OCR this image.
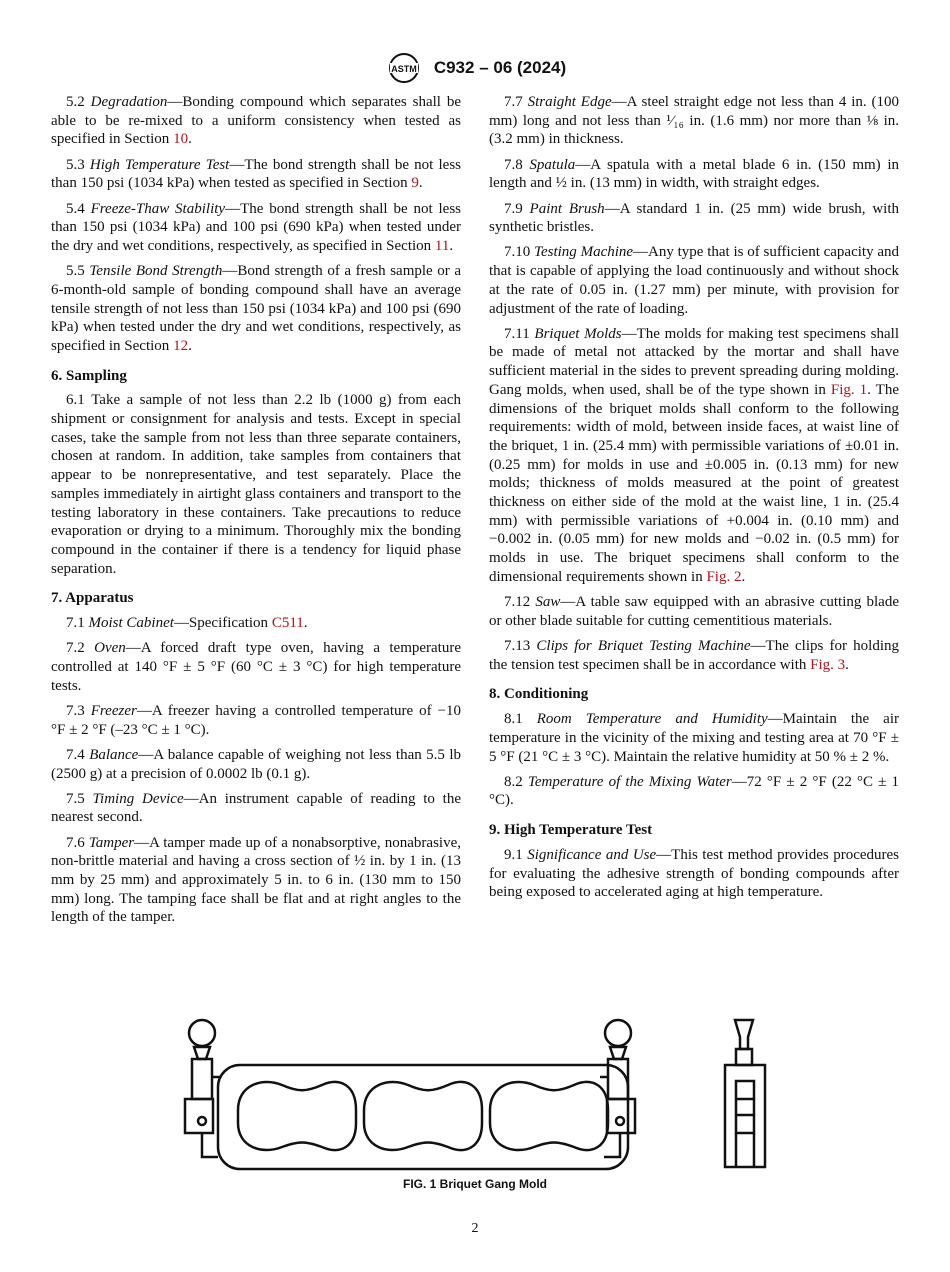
ASTM C932 – 06 (2024)

5.2 Degradation—Bonding compound which separates shall be able to be re-mixed to a uniform consistency when tested as specified in Section 10.

5.3 High Temperature Test—The bond strength shall be not less than 150 psi (1034 kPa) when tested as specified in Section 9.

5.4 Freeze-Thaw Stability—The bond strength shall be not less than 150 psi (1034 kPa) and 100 psi (690 kPa) when tested under the dry and wet conditions, respectively, as specified in Section 11.

5.5 Tensile Bond Strength—Bond strength of a fresh sample or a 6-month-old sample of bonding compound shall have an average tensile strength of not less than 150 psi (1034 kPa) and 100 psi (690 kPa) when tested under the dry and wet conditions, respectively, as specified in Section 12.

6. Sampling

6.1 Take a sample of not less than 2.2 lb (1000 g) from each shipment or consignment for analysis and tests. Except in special cases, take the sample from not less than three separate containers, chosen at random. In addition, take samples from containers that appear to be nonrepresentative, and test separately. Place the samples immediately in airtight glass containers and transport to the testing laboratory in these containers. Take precautions to reduce evaporation or drying to a minimum. Thoroughly mix the bonding compound in the container if there is a tendency for liquid phase separation.

7. Apparatus

7.1 Moist Cabinet—Specification C511.

7.2 Oven—A forced draft type oven, having a temperature controlled at 140 °F ± 5 °F (60 °C ± 3 °C) for high temperature tests.

7.3 Freezer—A freezer having a controlled temperature of −10 °F ± 2 °F (–23 °C ± 1 °C).

7.4 Balance—A balance capable of weighing not less than 5.5 lb (2500 g) at a precision of 0.0002 lb (0.1 g).

7.5 Timing Device—An instrument capable of reading to the nearest second.

7.6 Tamper—A tamper made up of a nonabsorptive, nonabrasive, non-brittle material and having a cross section of ½ in. by 1 in. (13 mm by 25 mm) and approximately 5 in. to 6 in. (130 mm to 150 mm) long. The tamping face shall be flat and at right angles to the length of the tamper.

7.7 Straight Edge—A steel straight edge not less than 4 in. (100 mm) long and not less than ¹⁄₁₆ in. (1.6 mm) nor more than ⅛ in. (3.2 mm) in thickness.

7.8 Spatula—A spatula with a metal blade 6 in. (150 mm) in length and ½ in. (13 mm) in width, with straight edges.

7.9 Paint Brush—A standard 1 in. (25 mm) wide brush, with synthetic bristles.

7.10 Testing Machine—Any type that is of sufficient capacity and that is capable of applying the load continuously and without shock at the rate of 0.05 in. (1.27 mm) per minute, with provision for adjustment of the rate of loading.

7.11 Briquet Molds—The molds for making test specimens shall be made of metal not attacked by the mortar and shall have sufficient material in the sides to prevent spreading during molding. Gang molds, when used, shall be of the type shown in Fig. 1. The dimensions of the briquet molds shall conform to the following requirements: width of mold, between inside faces, at waist line of the briquet, 1 in. (25.4 mm) with permissible variations of ±0.01 in. (0.25 mm) for molds in use and ±0.005 in. (0.13 mm) for new molds; thickness of molds measured at the point of greatest thickness on either side of the mold at the waist line, 1 in. (25.4 mm) with permissible variations of +0.004 in. (0.10 mm) and −0.002 in. (0.05 mm) for new molds and −0.02 in. (0.5 mm) for molds in use. The briquet specimens shall conform to the dimensional requirements shown in Fig. 2.

7.12 Saw—A table saw equipped with an abrasive cutting blade or other blade suitable for cutting cementitious materials.

7.13 Clips for Briquet Testing Machine—The clips for holding the tension test specimen shall be in accordance with Fig. 3.

8. Conditioning

8.1 Room Temperature and Humidity—Maintain the air temperature in the vicinity of the mixing and testing area at 70 °F ± 5 °F (21 °C ± 3 °C). Maintain the relative humidity at 50 % ± 2 %.

8.2 Temperature of the Mixing Water—72 °F ± 2 °F (22 °C ± 1 °C).

9. High Temperature Test

9.1 Significance and Use—This test method provides procedures for evaluating the adhesive strength of bonding compounds after being exposed to accelerated aging at high temperature.

FIG. 1 Briquet Gang Mold
2
